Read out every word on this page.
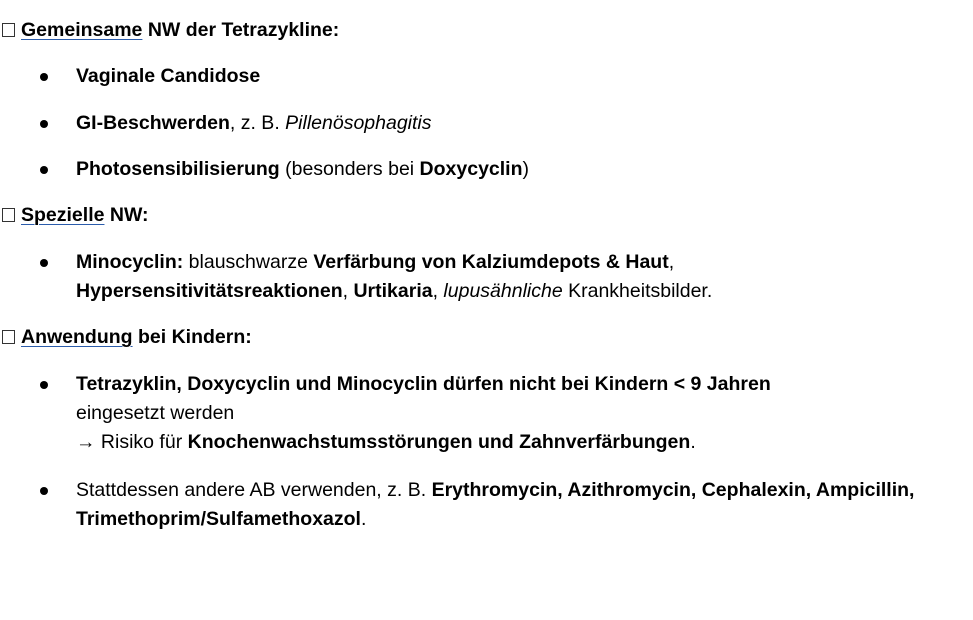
Gemeinsame NW der Tetrazykline:
Vaginale Candidose
GI-Beschwerden, z. B. Pillenösophagitis
Photosensibilisierung (besonders bei Doxycyclin)
Spezielle NW:
Minocyclin: blauschwarze Verfärbung von Kalziumdepots & Haut,
Hypersensitivitätsreaktionen, Urtikaria, lupusähnliche Krankheitsbilder.
Anwendung bei Kindern:
Tetrazyklin, Doxycyclin und Minocyclin dürfen nicht bei Kindern < 9 Jahren
eingesetzt werden
→ Risiko für Knochenwachstumsstörungen und Zahnverfärbungen.
Stattdessen andere AB verwenden, z. B. Erythromycin, Azithromycin, Cephalexin, Ampicillin, Trimethoprim/Sulfamethoxazol.
